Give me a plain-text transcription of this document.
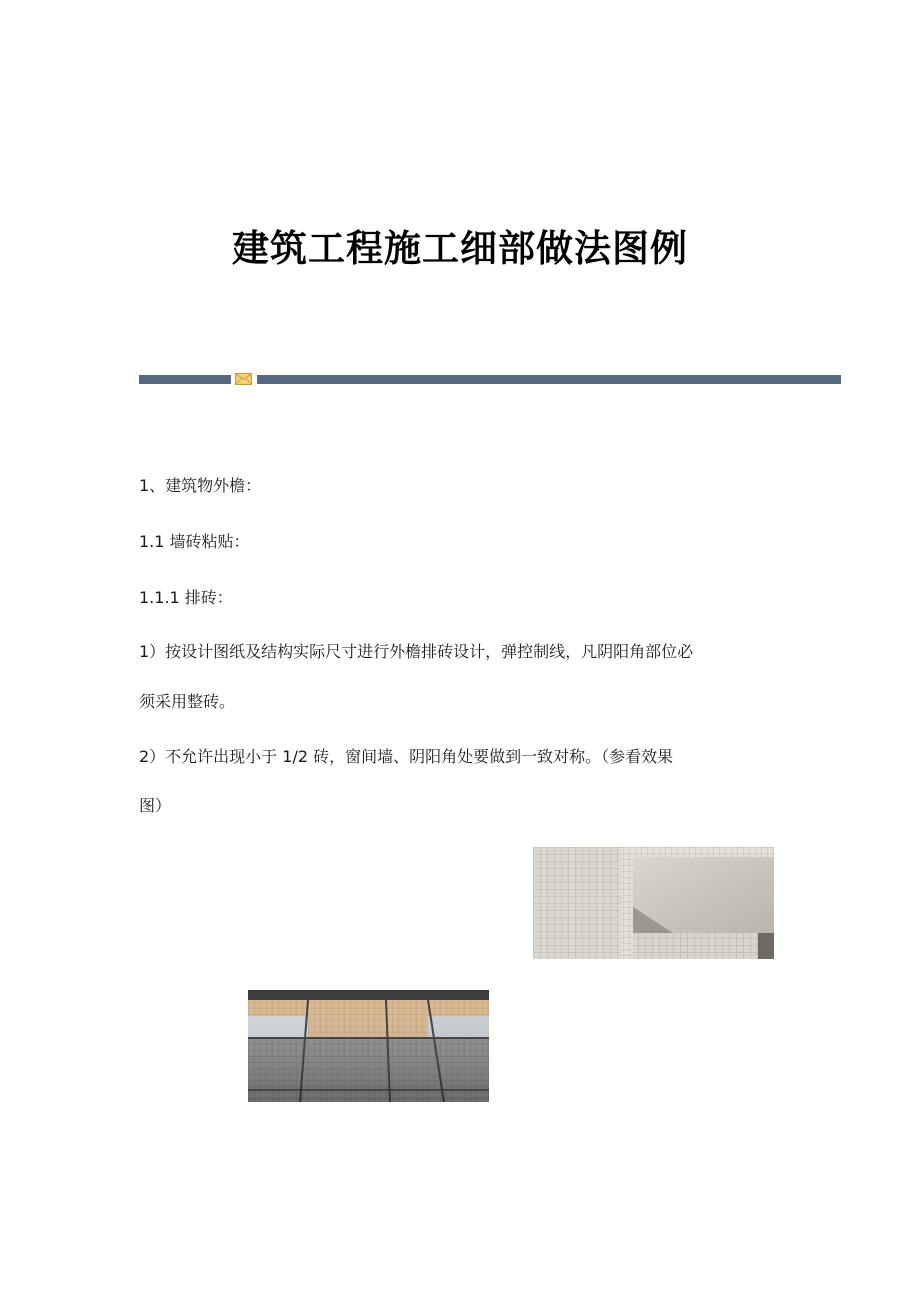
建筑工程施工细部做法图例
1、建筑物外檐：
1.1 墙砖粘贴：
1.1.1 排砖：
1）按设计图纸及结构实际尺寸进行外檐排砖设计，弹控制线，凡阴阳角部位必
须采用整砖。
2）不允许出现小于 1/2 砖，窗间墙、阴阳角处要做到一致对称。（参看效果
图）
